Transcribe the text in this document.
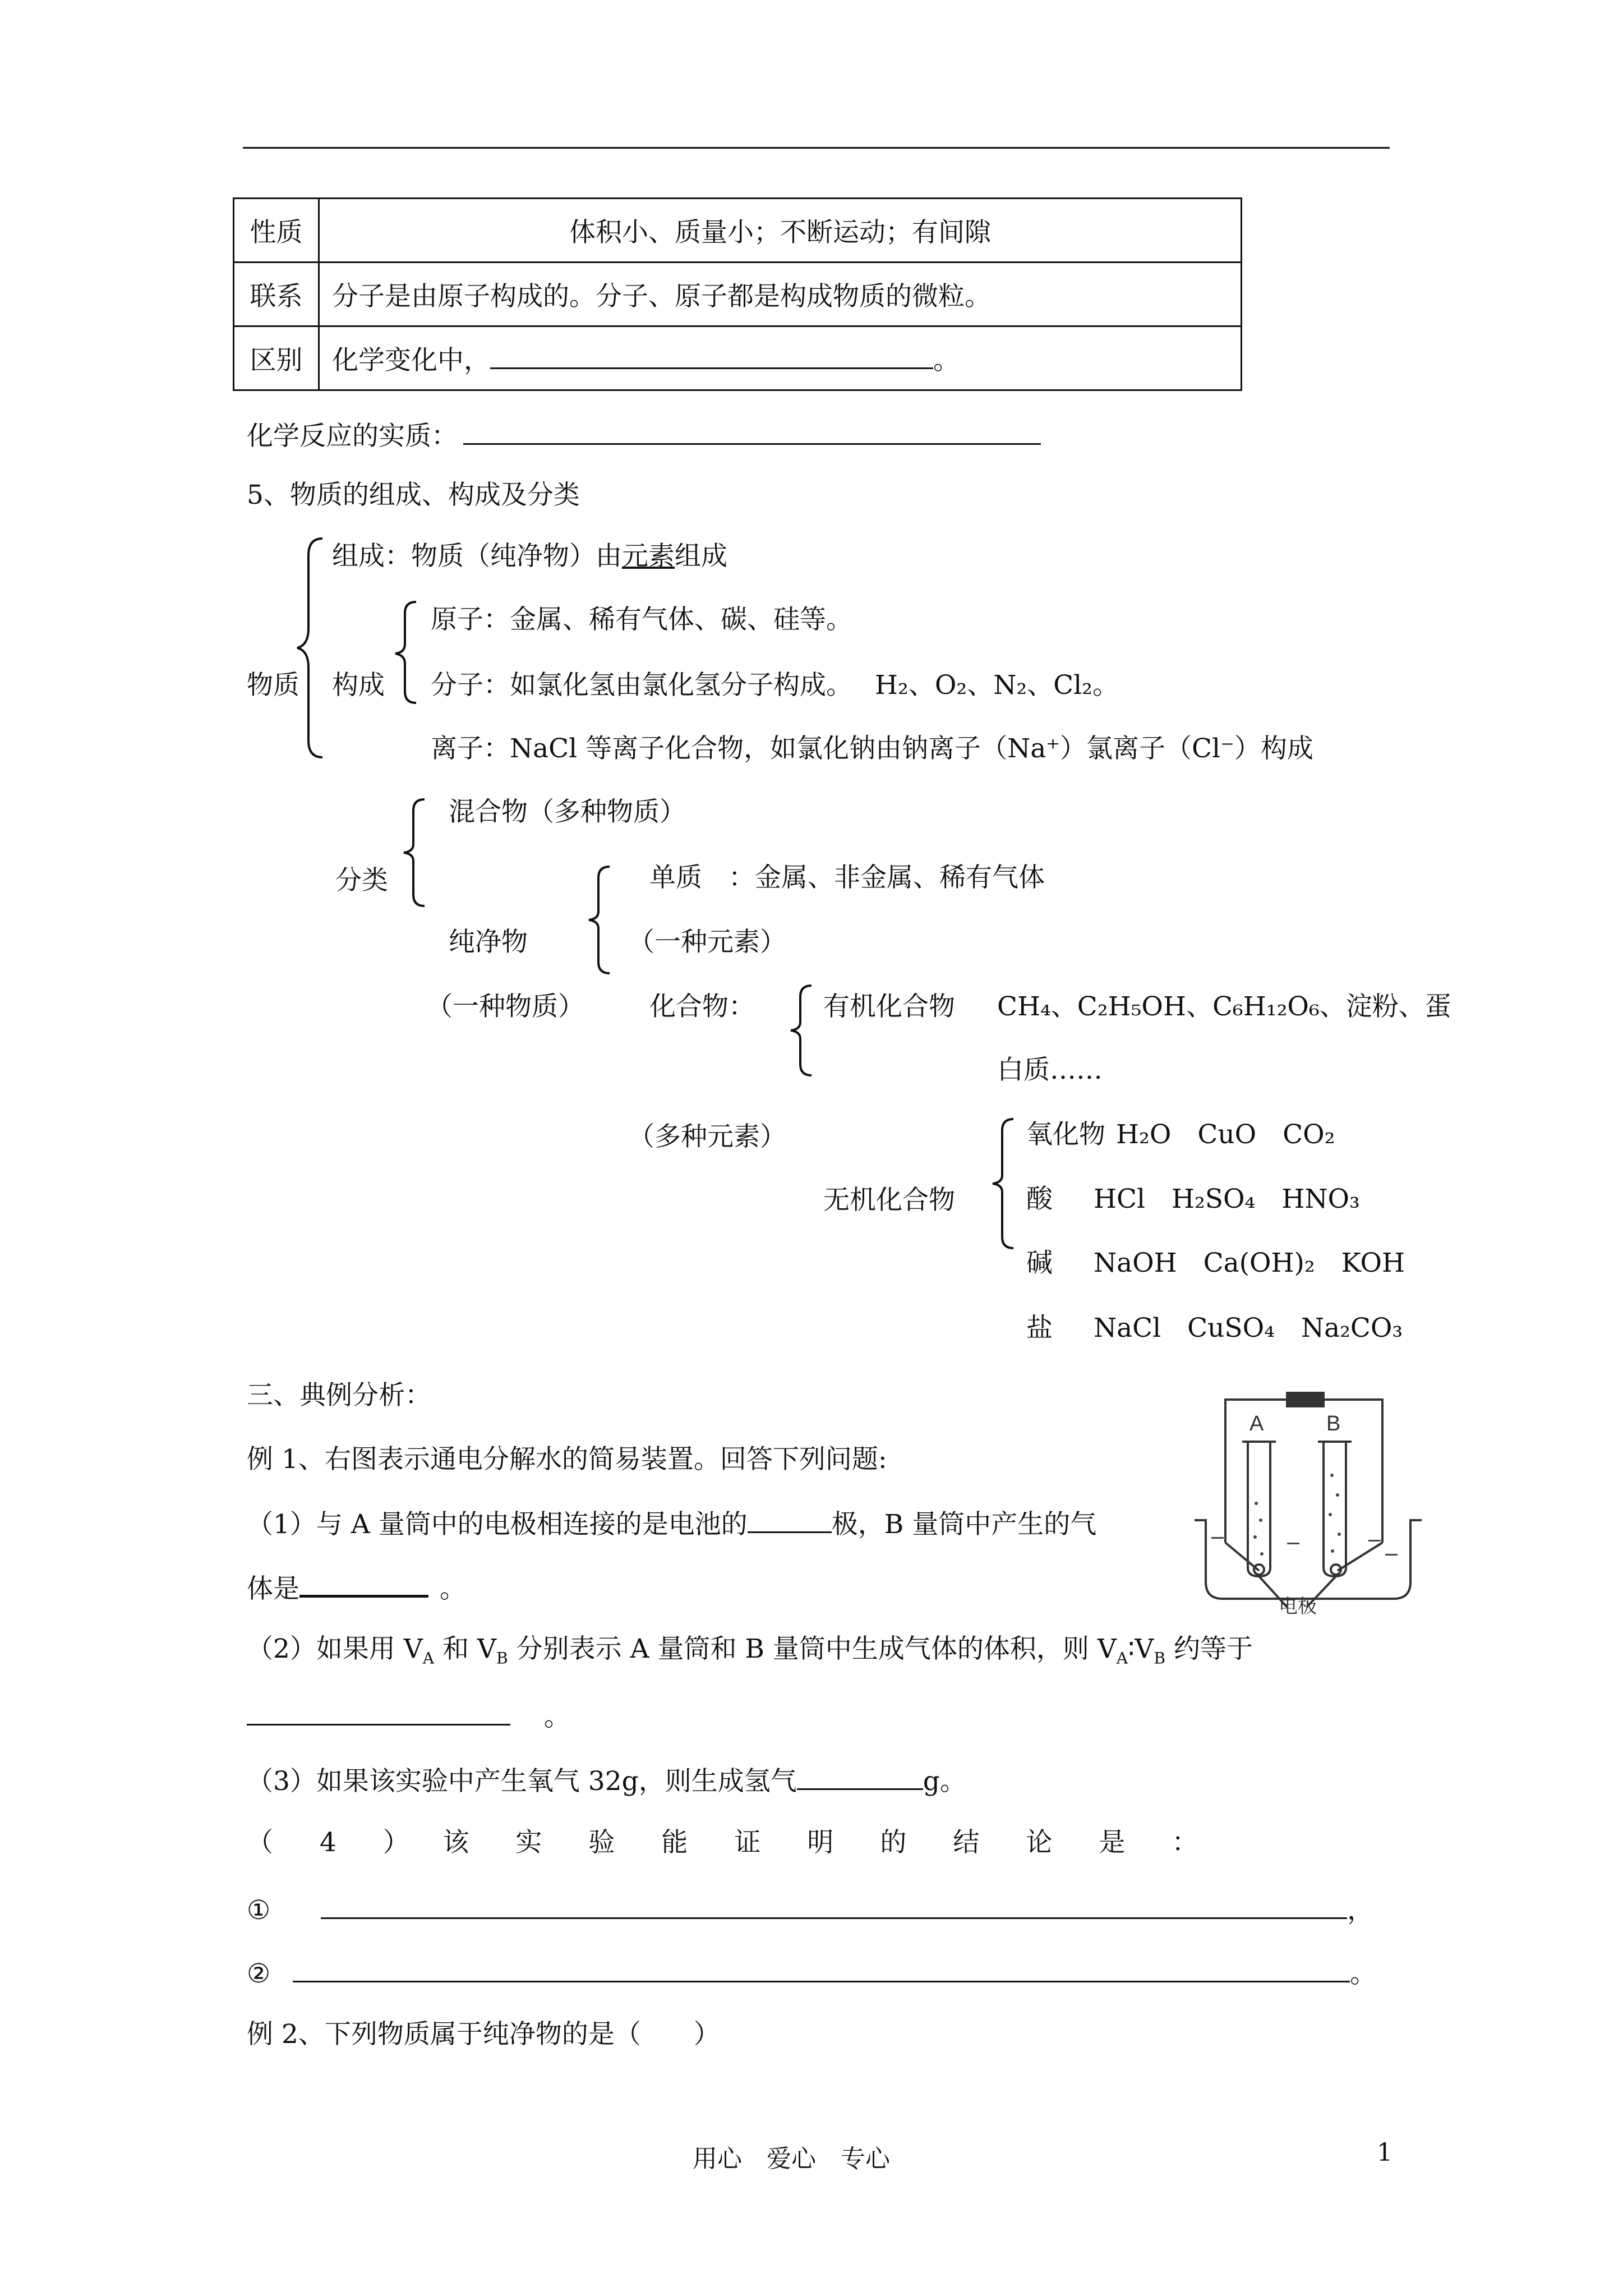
性质	体积小、质量小；不断运动；有间隙
联系	分子是由原子构成的。分子、原子都是构成物质的微粒。
区别	化学变化中， 。
化学反应的实质：
5、物质的组成、构成及分类
物质
组成：物质（纯净物）由元素组成
构成
原子：金属、稀有气体、碳、硅等。
分子：如氯化氢由氯化氢分子构成。 H₂、O₂、N₂、Cl₂。
离子：NaCl 等离子化合物，如氯化钠由钠离子（Na⁺）氯离子（Cl⁻）构成
分类
混合物（多种物质）
纯净物
（一种物质）
单质　：金属、非金属、稀有气体
（一种元素）
化合物：
（多种元素）
有机化合物 CH₄、C₂H₅OH、C₆H₁₂O₆、淀粉、蛋
白质……
无机化合物
氧化物 H₂O　CuO　CO₂
酸 HCl　H₂SO₄　HNO₃
碱 NaOH　Ca(OH)₂　KOH
盐 NaCl　CuSO₄　Na₂CO₃
三、典例分析：
A	B
电极
例 1、右图表示通电分解水的简易装置。回答下列问题:
（1）与 A 量筒中的电极相连接的是电池的	极，B 量筒中产生的气
体是	。
（2）如果用 $V_A$ 和 $V_B$ 分别表示 A 量筒和 B 量筒中生成气体的体积，则 $V_A∶V_B$ 约等于
。
（3）如果该实验中产生氧气 32g，则生成氢气	g。
（　4　）　该　实　验　能　证　明　的　结　论　是　：
①	，
②	。
例 2、下列物质属于纯净物的是（　　）
用心　爱心　专心	1
